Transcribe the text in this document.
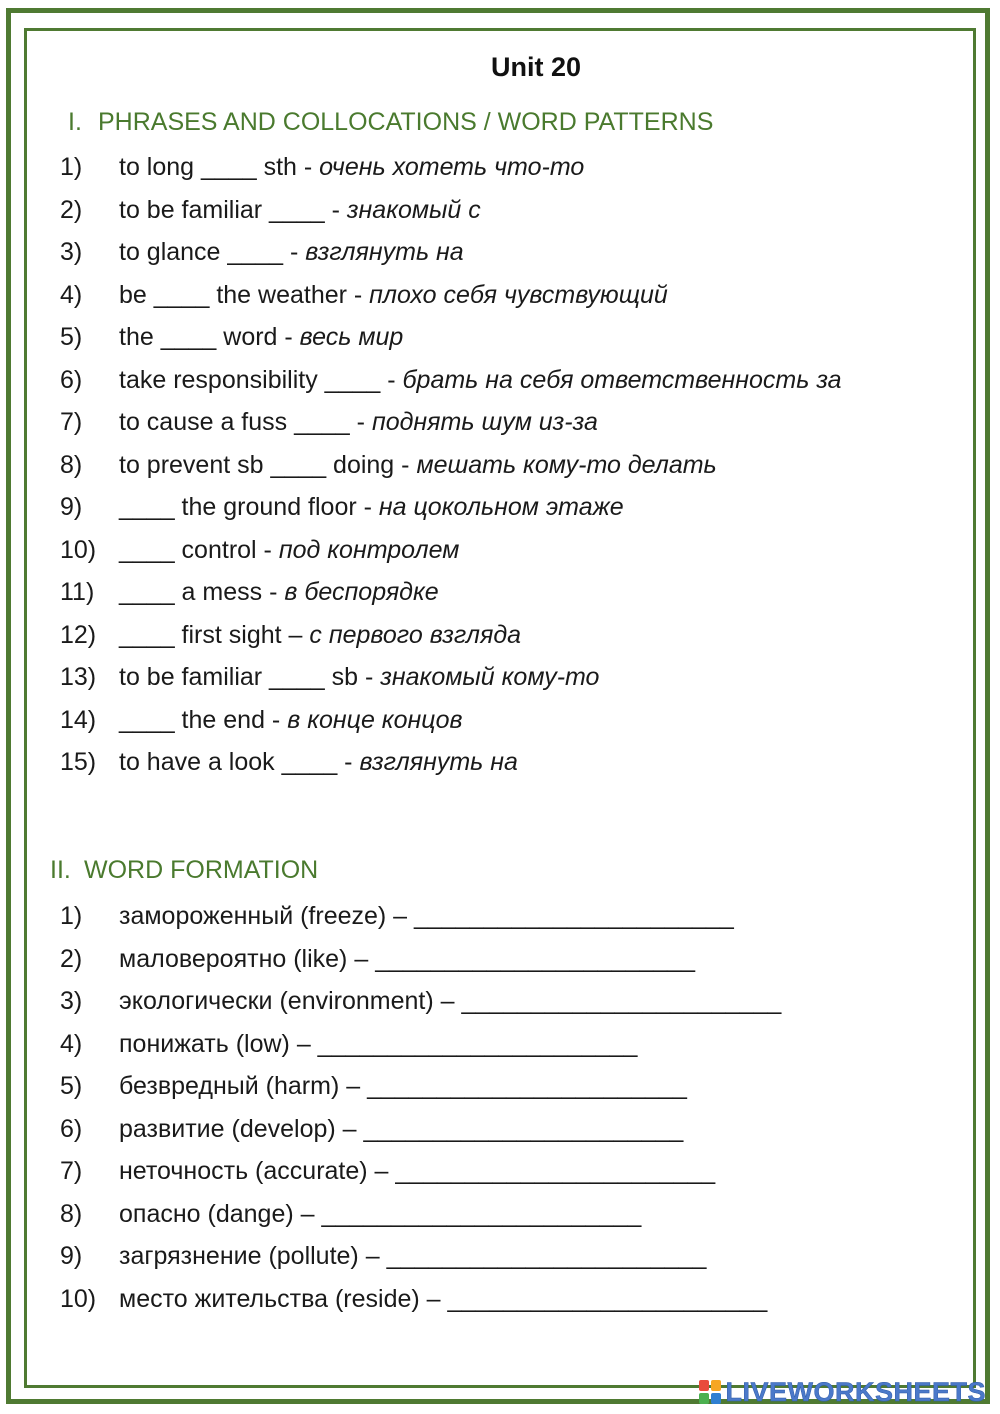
Unit 20
I. PHRASES AND COLLOCATIONS / WORD PATTERNS
1) to long ____ sth - очень хотеть что-то
2) to be familiar ____ - знакомый с
3) to glance ____ - взглянуть на
4) be ____ the weather - плохо себя чувствующий
5) the ____ word - весь мир
6) take responsibility ____ - брать на себя ответственность за
7) to cause a fuss ____ - поднять шум из-за
8) to prevent sb ____ doing - мешать кому-то делать
9) ____ the ground floor - на цокольном этаже
10) ____ control - под контролем
11) ____ a mess - в беспорядке
12) ____ first sight – с первого взгляда
13) to be familiar ____ sb - знакомый кому-то
14) ____ the end - в конце концов
15) to have a look ____ - взглянуть на
II. WORD FORMATION
1) замороженный (freeze) – _______________________
2) маловероятно (like) – _______________________
3) экологически (environment) – _______________________
4) понижать (low) – _______________________
5) безвредный (harm) – _______________________
6) развитие (develop) – _______________________
7) неточность (accurate) – _______________________
8) опасно (dange) – _______________________
9) загрязнение (pollute) – _______________________
10) место жительства (reside) – _______________________
LIVEWORKSHEETS
